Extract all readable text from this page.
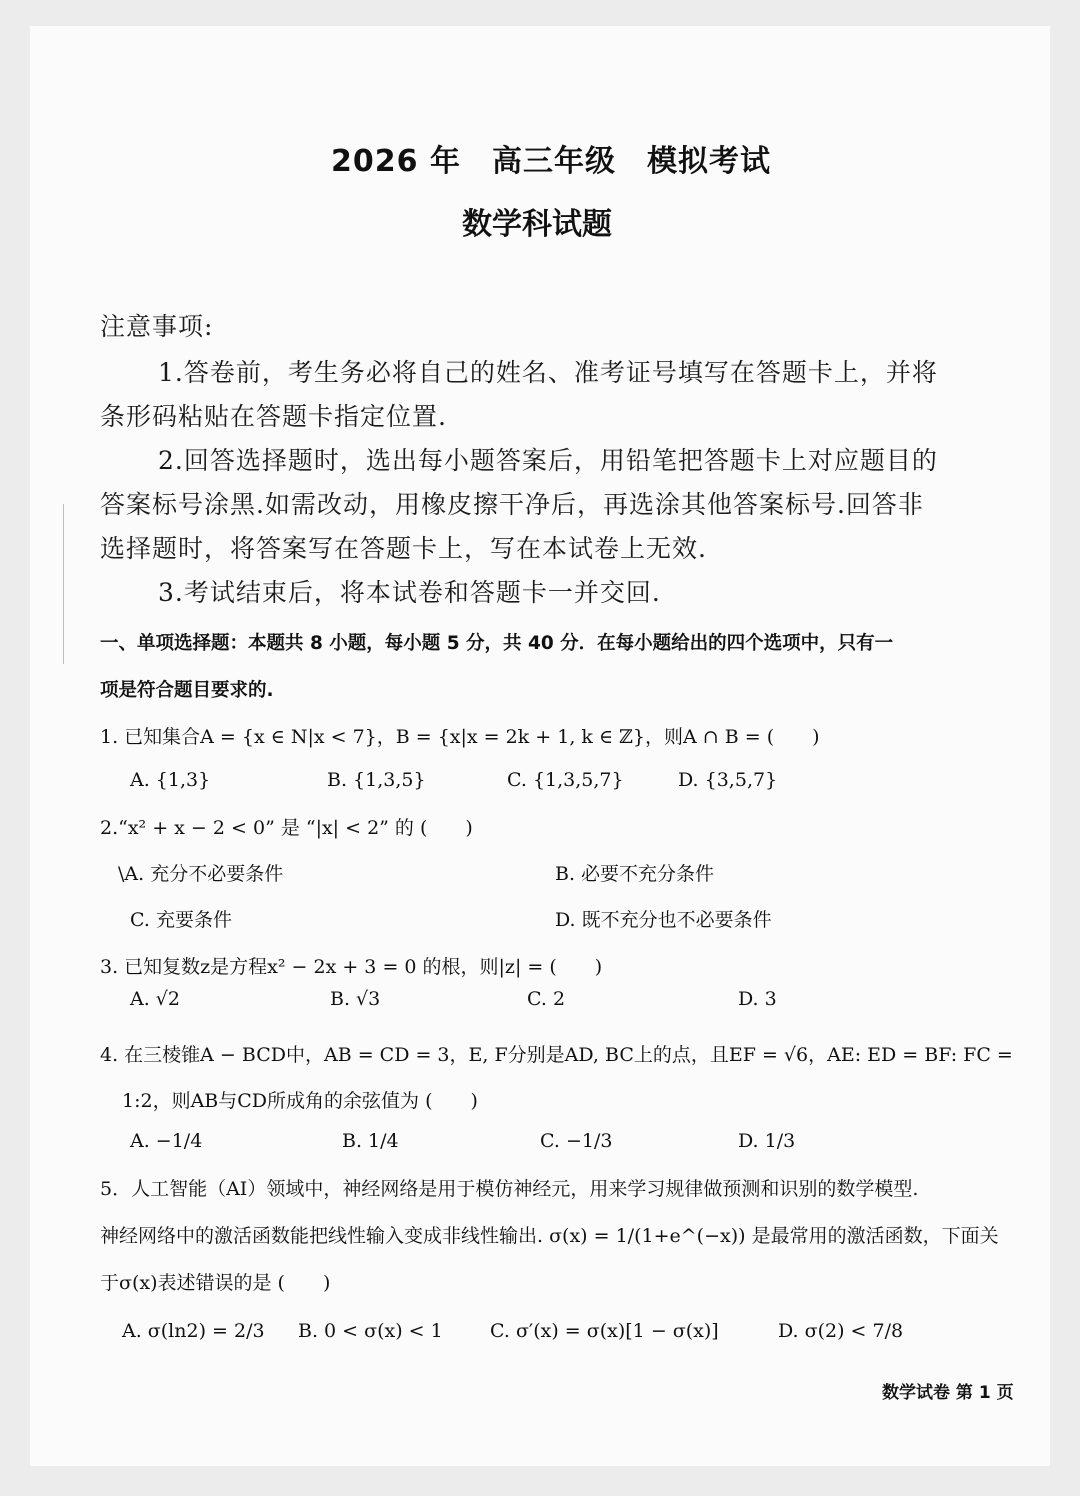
2026 年　高三年级　模拟考试
数学科试题
注意事项:
1.答卷前，考生务必将自己的姓名、准考证号填写在答题卡上，并将
条形码粘贴在答题卡指定位置.
2.回答选择题时，选出每小题答案后，用铅笔把答题卡上对应题目的
答案标号涂黑.如需改动，用橡皮擦干净后，再选涂其他答案标号.回答非
选择题时，将答案写在答题卡上，写在本试卷上无效.
3.考试结束后，将本试卷和答题卡一并交回.
一、单项选择题：本题共 8 小题，每小题 5 分，共 40 分．在每小题给出的四个选项中，只有一
项是符合题目要求的.
1. 已知集合A = {x ∈ N|x < 7}，B = {x|x = 2k + 1, k ∈ ℤ}，则A ∩ B = (　　)
A. {1,3}	B. {1,3,5}	C. {1,3,5,7}	D. {3,5,7}
2.“x² + x − 2 < 0” 是 “|x| < 2” 的 (　　)
\A. 充分不必要条件	B. 必要不充分条件
C. 充要条件	D. 既不充分也不必要条件
3. 已知复数z是方程x² − 2x + 3 = 0 的根，则|z| = (　　)
A. √2	B. √3	C. 2	D. 3
4. 在三棱锥A − BCD中，AB = CD = 3，E, F分别是AD, BC上的点，且EF = √6，AE: ED = BF: FC =
1:2，则AB与CD所成角的余弦值为 (　　)
A. −1/4	B. 1/4	C. −1/3	D. 1/3
5．人工智能（AI）领域中，神经网络是用于模仿神经元，用来学习规律做预测和识别的数学模型.
神经网络中的激活函数能把线性输入变成非线性输出. σ(x) = 1/(1+e^(−x)) 是最常用的激活函数，下面关
于σ(x)表述错误的是 (　　)
A. σ(ln2) = 2/3 B. 0 < σ(x) < 1 C. σ′(x) = σ(x)[1 − σ(x)]	D. σ(2) < 7/8
数学试卷 第 1 页
